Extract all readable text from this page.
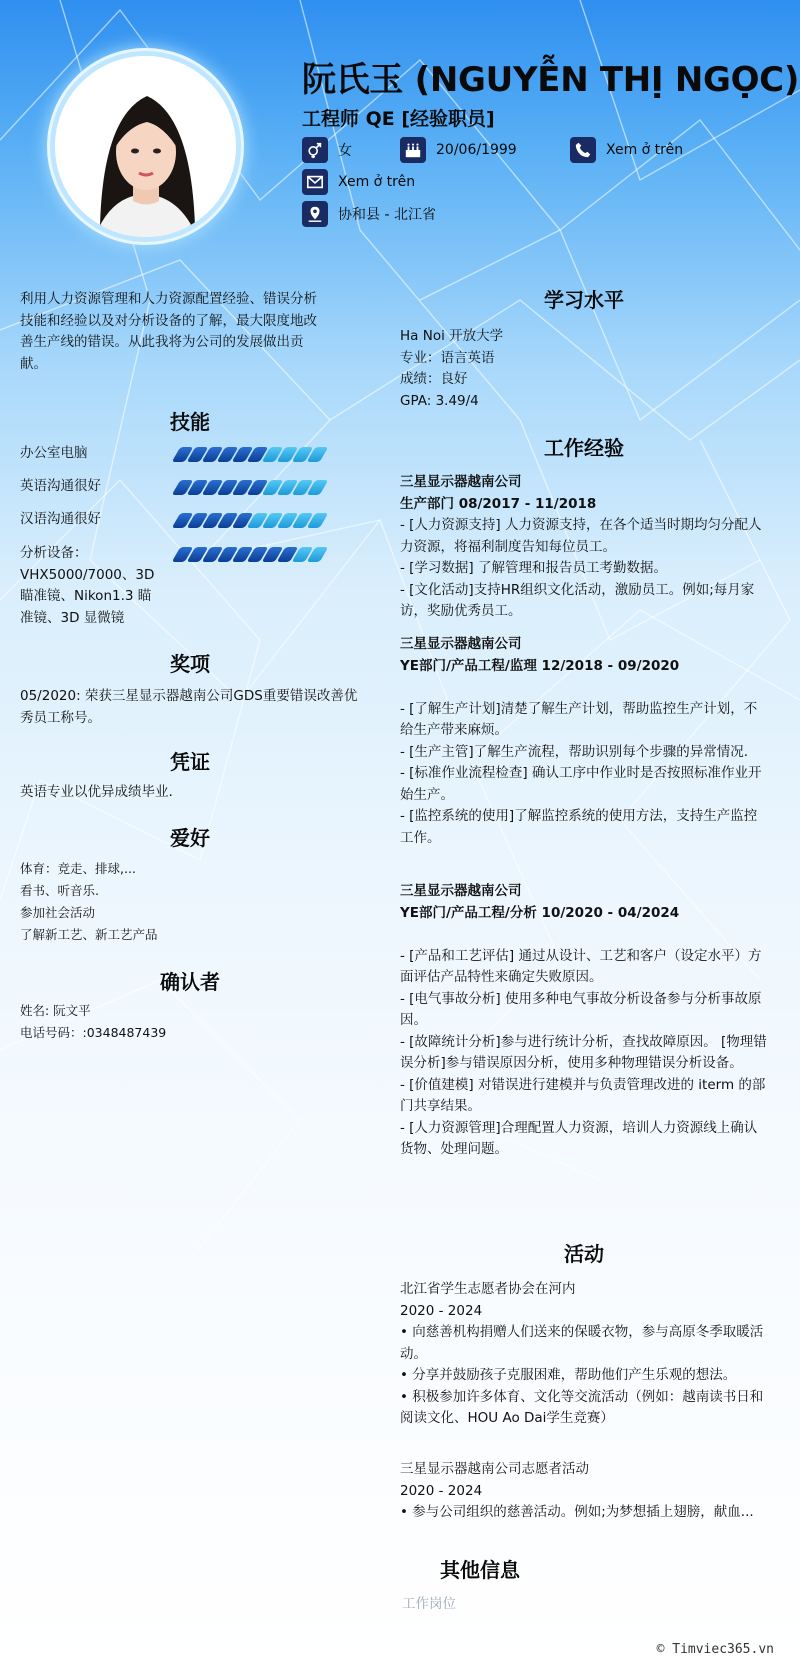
阮氏玉 (NGUYỄN THỊ NGỌC)
工程师 QE [经验职员]
女	20/06/1999	Xem ở trên
Xem ở trên
协和县 - 北江省
利用人力资源管理和人力资源配置经验、错误分析技能和经验以及对分析设备的了解，最大限度地改善生产线的错误。从此我将为公司的发展做出贡献。
技能
办公室电脑
英语沟通很好
汉语沟通很好
分析设备：VHX5000/7000、3D 瞄准镜、Nikon1.3 瞄准镜、3D 显微镜
奖项
05/2020: 荣获三星显示器越南公司GDS重要错误改善优秀员工称号。
凭证
英语专业以优异成绩毕业.
爱好
体育：竞走、排球,...
看书、听音乐.
参加社会活动
了解新工艺、新工艺产品
确认者
姓名: 阮文平
电话号码：:0348487439
学习水平
Ha Noi 开放大学
专业：语言英语
成绩：良好
GPA: 3.49/4
工作经验
三星显示器越南公司
生产部门 08/2017 - 11/2018
- [人力资源支持] 人力资源支持，在各个适当时期均匀分配人力资源，将福利制度告知每位员工。
- [学习数据] 了解管理和报告员工考勤数据。
- [文化活动]支持HR组织文化活动，激励员工。例如;每月家访，奖励优秀员工。
三星显示器越南公司
YE部门/产品工程/监理 12/2018 - 09/2020
- [了解生产计划]清楚了解生产计划，帮助监控生产计划，不给生产带来麻烦。
- [生产主管]了解生产流程，帮助识别每个步骤的异常情况.
- [标准作业流程检查] 确认工序中作业时是否按照标准作业开始生产。
- [监控系统的使用]了解监控系统的使用方法，支持生产监控工作。
三星显示器越南公司
YE部门/产品工程/分析 10/2020 - 04/2024
- [产品和工艺评估] 通过从设计、工艺和客户（设定水平）方面评估产品特性来确定失败原因。
- [电气事故分析] 使用多种电气事故分析设备参与分析事故原因。
- [故障统计分析]参与进行统计分析，查找故障原因。 [物理错误分析]参与错误原因分析，使用多种物理错误分析设备。
- [价值建模] 对错误进行建模并与负责管理改进的 iterm 的部门共享结果。
- [人力资源管理]合理配置人力资源，培训人力资源线上确认货物、处理问题。
活动
北江省学生志愿者协会在河内
2020 - 2024
• 向慈善机构捐赠人们送来的保暖衣物，参与高原冬季取暖活动。
• 分享并鼓励孩子克服困难，帮助他们产生乐观的想法。
• 积极参加许多体育、文化等交流活动（例如：越南读书日和阅读文化、HOU Ao Dai学生竞赛）
三星显示器越南公司志愿者活动
2020 - 2024
• 参与公司组织的慈善活动。例如;为梦想插上翅膀，献血...
其他信息
工作岗位
© Timviec365.vn
